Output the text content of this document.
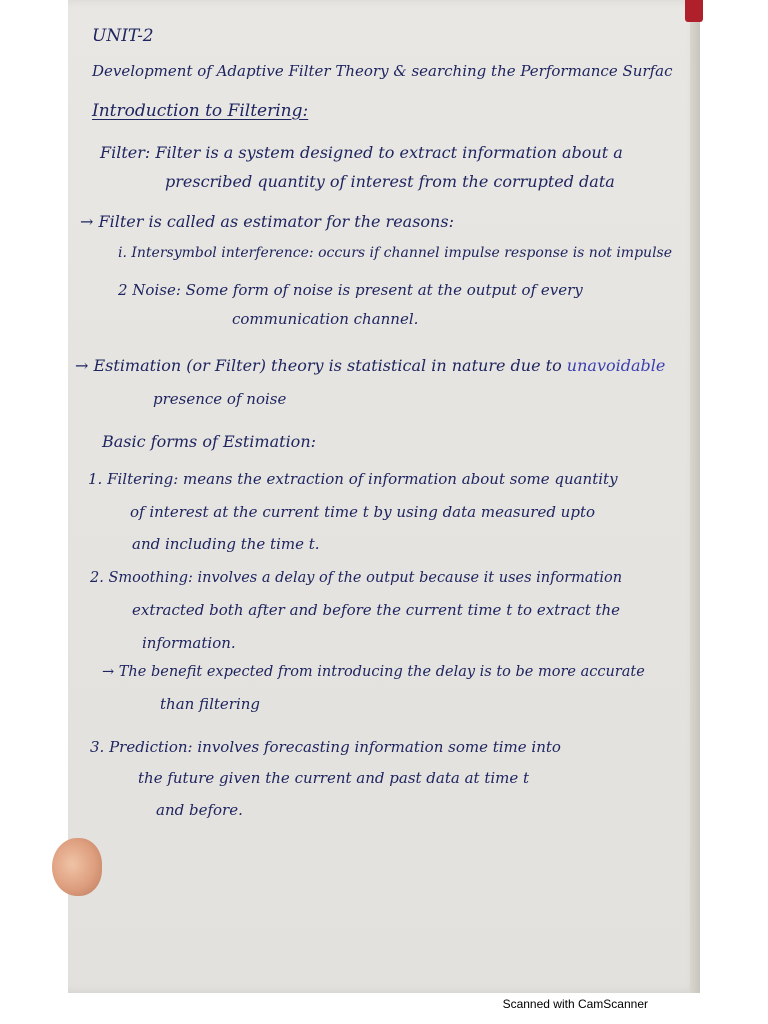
UNIT-2

Development of Adaptive Filter Theory & searching the Performance Surfac

Introduction to Filtering:

Filter: Filter is a system designed to extract information about a

prescribed quantity of interest from the corrupted data

→ Filter is called as estimator for the reasons:

i. Intersymbol interference: occurs if channel impulse response is not impulse

2 Noise: Some form of noise is present at the output of every

communication channel.

→ Estimation (or Filter) theory is statistical in nature due to unavoidable

presence of noise

Basic forms of Estimation:

1. Filtering: means the extraction of information about some quantity

of interest at the current time t by using data measured upto

and including the time t.

2. Smoothing: involves a delay of the output because it uses information

extracted both after and before the current time t to extract the

information.

→ The benefit expected from introducing the delay is to be more accurate

than filtering

3. Prediction: involves forecasting information some time into

the future given the current and past data at time t

and before.

Scanned with CamScanner
